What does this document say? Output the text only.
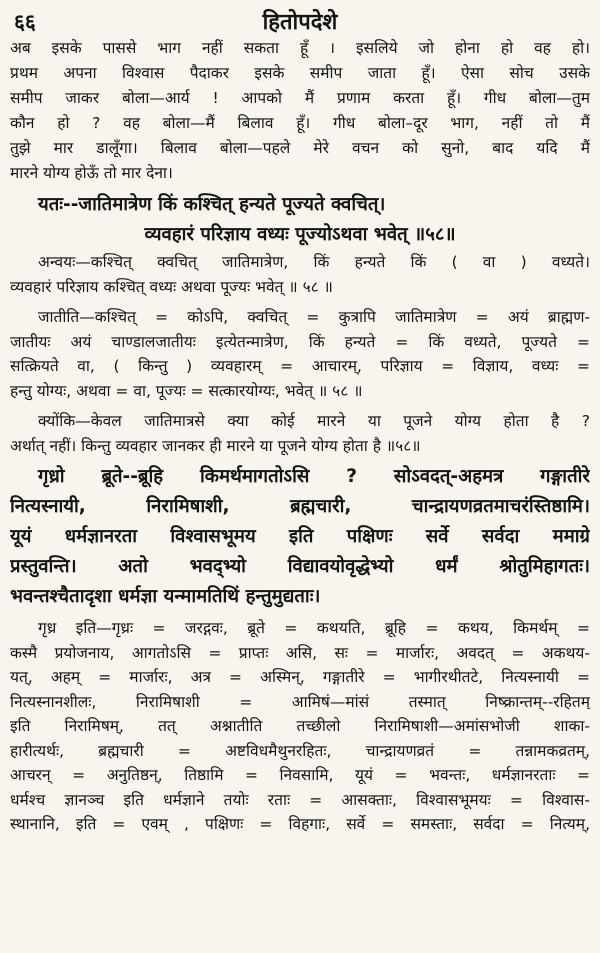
६६	हितोपदेशे
अब इसके पाससे भाग नहीं सकता हूँ । इसलिये जो होना हो वह हो।
प्रथम अपना विश्वास पैदाकर इसके समीप जाता हूँ। ऐसा सोच उसके
समीप जाकर बोला—आर्य ! आपको मैं प्रणाम करता हूँ। गीध बोला—तुम
कौन हो ? वह बोला—मैं बिलाव हूँ। गीध बोला–दूर भाग, नहीं तो मैं
तुझे मार डालूँगा। बिलाव बोला—पहले मेरे वचन को सुनो, बाद यदि मैं
मारने योग्य होऊँ तो मार देना।
यतः--जातिमात्रेण किं कश्चित् हन्यते पूज्यते क्वचित्।
व्यवहारं परिज्ञाय वध्यः पूज्योऽथवा भवेत् ॥५८॥
अन्वयः—कश्चित् क्वचित् जातिमात्रेण, किं हन्यते किं ( वा ) वध्यते।
व्यवहारं परिज्ञाय कश्चित् वध्यः अथवा पूज्यः भवेत् ॥ ५८ ॥
जातीति—कश्चित् = कोऽपि, क्वचित् = कुत्रापि जातिमात्रेण = अयं ब्राह्मण-
जातीयः अयं चाण्डालजातीयः इत्येतन्मात्रेण, किं हन्यते = किं वध्यते, पूज्यते =
सत्क्रियते वा, ( किन्तु ) व्यवहारम् = आचारम्, परिज्ञाय = विज्ञाय, वध्यः =
हन्तु योग्यः, अथवा = वा, पूज्यः = सत्कारयोग्यः, भवेत् ॥ ५८ ॥
क्योंकि—केवल जातिमात्रसे क्या कोई मारने या पूजने योग्य होता है ?
अर्थात् नहीं। किन्तु व्यवहार जानकर ही मारने या पूजने योग्य होता है ॥५८॥
गृध्रो ब्रूते--ब्रूहि किमर्थमागतोऽसि ? सोऽवदत्-अहमत्र गङ्गातीरे
नित्यस्नायी, निरामिषाशी, ब्रह्मचारी, चान्द्रायणव्रतमाचरंस्तिष्ठामि।
यूयं धर्मज्ञानरता विश्वासभूमय इति पक्षिणः सर्वे सर्वदा ममाग्रे
प्रस्तुवन्ति। अतो भवद्भ्यो विद्यावयोवृद्धेभ्यो धर्मं श्रोतुमिहागतः।
भवन्तश्चैतादृशा धर्मज्ञा यन्मामतिथिं हन्तुमुद्यताः।
गृध्र इति—गृध्रः = जरद्गवः, ब्रूते = कथयति, ब्रूहि = कथय, किमर्थम् =
कस्मै प्रयोजनाय, आगतोऽसि = प्राप्तः असि, सः = मार्जारः, अवदत् = अकथय-
यत्, अहम् = मार्जारः, अत्र = अस्मिन्, गङ्गातीरे = भागीरथीतटे, नित्यस्नायी =
नित्यस्नानशीलः, निरामिषाशी = आमिषं—मांसं तस्मात् निष्क्रान्तम्--रहितम्
इति निरामिषम्, तत् अश्नातीति तच्छीलो निरामिषाशी—अमांसभोजी शाका-
हारीत्यर्थः, ब्रह्मचारी = अष्टविधमैथुनरहितः, चान्द्रायणव्रतं = तन्नामकव्रतम्,
आचरन् = अनुतिष्ठन्, तिष्ठामि = निवसामि, यूयं = भवन्तः, धर्मज्ञानरताः =
धर्मश्च ज्ञानञ्च इति धर्मज्ञाने तयोः रताः = आसक्ताः, विश्वासभूमयः = विश्वास-
स्थानानि, इति = एवम् , पक्षिणः = विहगाः, सर्वे = समस्ताः, सर्वदा = नित्यम्,
